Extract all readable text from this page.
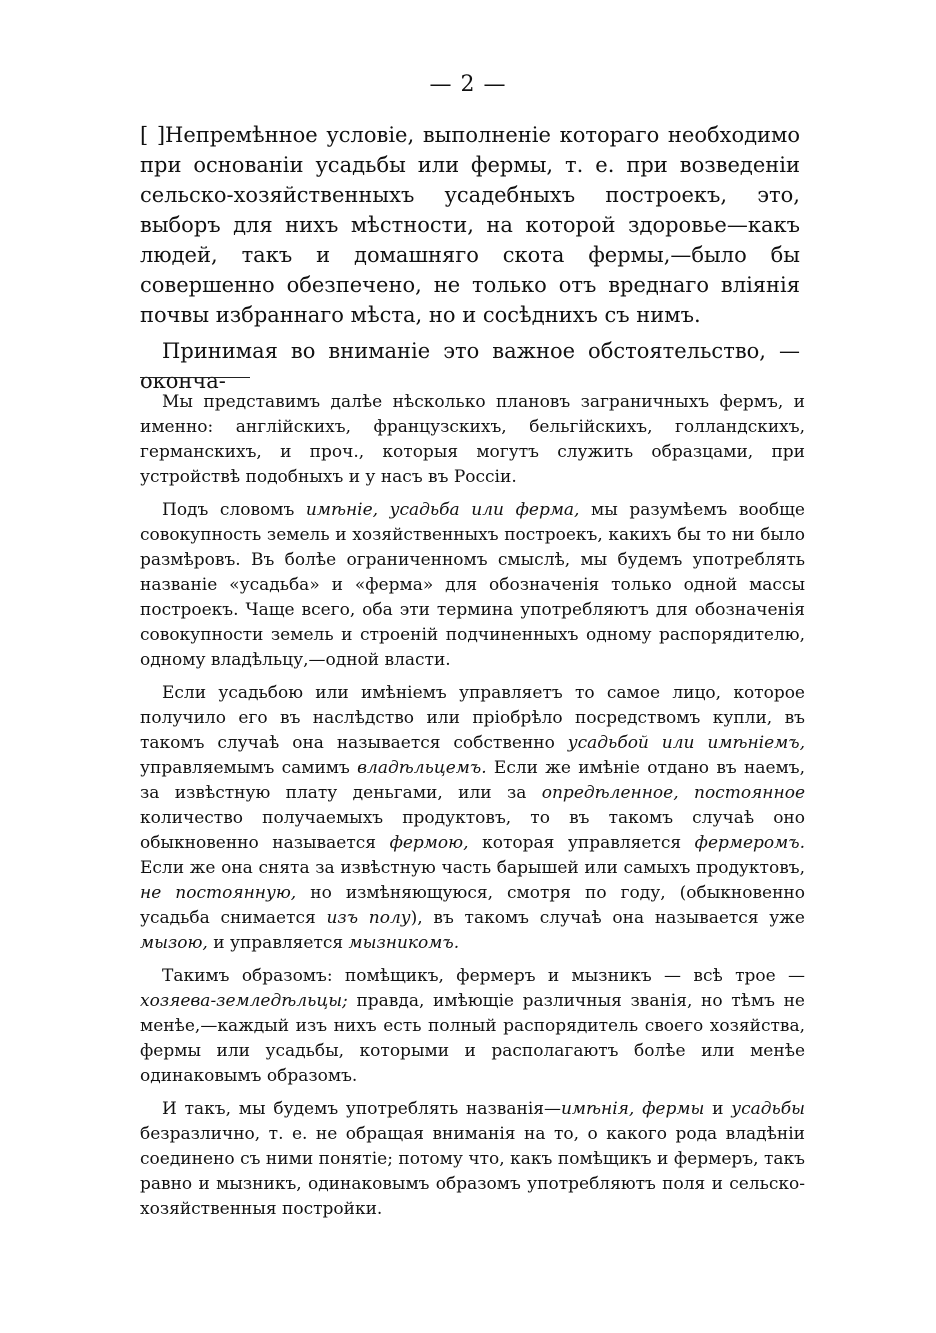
— 2 —

[ ]Непремѣнное условіе, выполненіе котораго необходимо при основаніи усадьбы или фермы, т. е. при возведеніи сельско-хозяйственныхъ усадебныхъ построекъ, это, выборъ для нихъ мѣстности, на которой здоровье—какъ людей, такъ и домашняго скота фермы,—было бы совершенно обезпечено, не только отъ вреднаго вліянія почвы избраннаго мѣста, но и сосѣднихъ съ нимъ.

Принимая во вниманіе это важное обстоятельство, — оконча-

Мы представимъ далѣе нѣсколько плановъ заграничныхъ фермъ, и именно: англійскихъ, французскихъ, бельгійскихъ, голландскихъ, германскихъ, и проч., которыя могутъ служить образцами, при устройствѣ подобныхъ и у насъ въ Россіи.

Подъ словомъ имѣніе, усадьба или ферма, мы разумѣемъ вообще совокупность земель и хозяйственныхъ построекъ, какихъ бы то ни было размѣровъ. Въ болѣе ограниченномъ смыслѣ, мы будемъ употреблять названіе «усадьба» и «ферма» для обозначенія только одной массы построекъ. Чаще всего, оба эти термина употребляютъ для обозначенія совокупности земель и строеній подчиненныхъ одному распорядителю, одному владѣльцу,—одной власти.

Если усадьбою или имѣніемъ управляетъ то самое лицо, которое получило его въ наслѣдство или пріобрѣло посредствомъ купли, въ такомъ случаѣ она называется собственно усадьбой или имѣніемъ, управляемымъ самимъ владѣльцемъ. Если же имѣніе отдано въ наемъ, за извѣстную плату деньгами, или за опредѣленное, постоянное количество получаемыхъ продуктовъ, то въ такомъ случаѣ оно обыкновенно называется фермою, которая управляется фермеромъ. Если же она снята за извѣстную часть барышей или самыхъ продуктовъ, не постоянную, но измѣняющуюся, смотря по году, (обыкновенно усадьба снимается изъ полу), въ такомъ случаѣ она называется уже мызою, и управляется мызникомъ.

Такимъ образомъ: помѣщикъ, фермеръ и мызникъ — всѣ трое — хозяева-земледѣльцы; правда, имѣющіе различныя званія, но тѣмъ не менѣе,—каждый изъ нихъ есть полный распорядитель своего хозяйства, фермы или усадьбы, которыми и располагаютъ болѣе или менѣе одинаковымъ образомъ.

И такъ, мы будемъ употреблять названія—имѣнія, фермы и усадьбы безразлично, т. е. не обращая вниманія на то, о какого рода владѣніи соединено съ ними понятіе; потому что, какъ помѣщикъ и фермеръ, такъ равно и мызникъ, одинаковымъ образомъ употребляютъ поля и сельско-хозяйственныя постройки.
